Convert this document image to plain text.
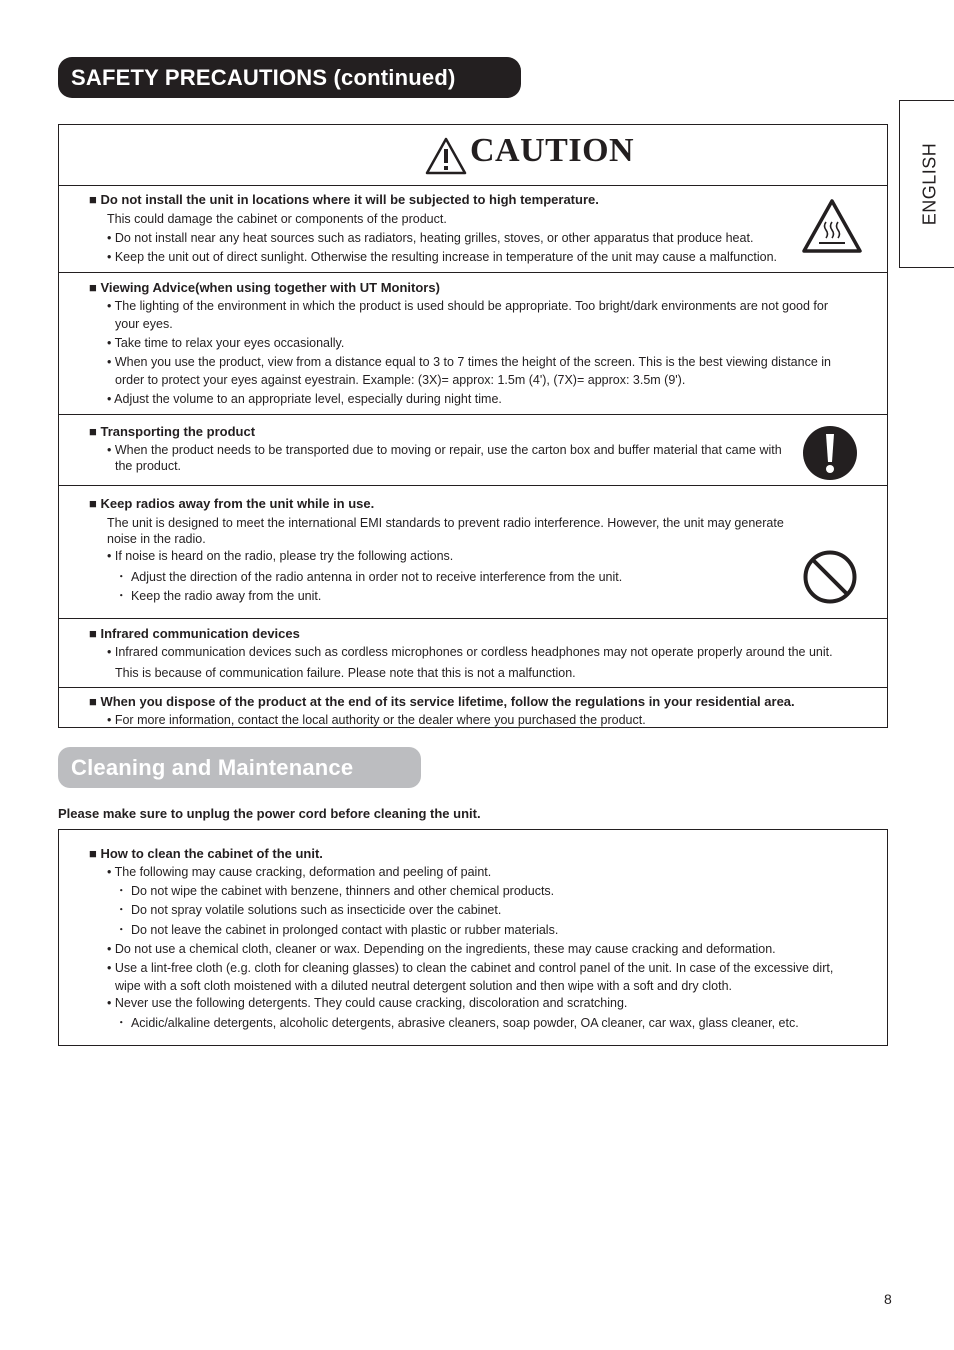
SAFETY PRECAUTIONS (continued)
ENGLISH
CAUTION
■ Do not install the unit in locations where it will be subjected to high temperature.
This could damage the cabinet or components of the product.
• Do not install near any heat sources such as radiators, heating grilles, stoves, or other apparatus that produce heat.
• Keep the unit out of direct sunlight. Otherwise the resulting increase in temperature of the unit may cause a malfunction.
■ Viewing Advice(when using together with UT Monitors)
• The lighting of the environment in which the product is used should be appropriate. Too bright/dark environments are not good for
your eyes.
• Take time to relax your eyes occasionally.
• When you use the product, view from a distance equal to 3 to 7 times the height of the screen. This is the best viewing distance in
order to protect your eyes against eyestrain. Example: (3X)= approx: 1.5m (4'), (7X)= approx: 3.5m (9').
• Adjust the volume to an appropriate level, especially during night time.
■ Transporting the product
• When the product needs to be transported due to moving or repair, use the carton box and buffer material that came with
the product.
■ Keep radios away from the unit while in use.
The unit is designed to meet the international EMI standards to prevent radio interference. However, the unit may generate
noise in the radio.
• If noise is heard on the radio, please try the following actions.
・ Adjust the direction of the radio antenna in order not to receive interference from the unit.
・ Keep the radio away from the unit.
■ Infrared communication devices
• Infrared communication devices such as cordless microphones or cordless headphones may not operate properly around the unit.
This is because of communication failure. Please note that this is not a malfunction.
■ When you dispose of the product at the end of its service lifetime, follow the regulations in your residential area.
• For more information, contact the local authority or the dealer where you purchased the product.
Cleaning and Maintenance
Please make sure to unplug the power cord before cleaning the unit.
■ How to clean the cabinet of the unit.
• The following may cause cracking, deformation and peeling of paint.
・ Do not wipe the cabinet with benzene, thinners and other chemical products.
・ Do not spray volatile solutions such as insecticide over the cabinet.
・ Do not leave the cabinet in prolonged contact with plastic or rubber materials.
• Do not use a chemical cloth, cleaner or wax. Depending on the ingredients, these may cause cracking and deformation.
• Use a lint-free cloth (e.g. cloth for cleaning glasses) to clean the cabinet and control panel of the unit. In case of the excessive dirt,
wipe with a soft cloth moistened with a diluted neutral detergent solution and then wipe with a soft and dry cloth.
• Never use the following detergents. They could cause cracking, discoloration and scratching.
・ Acidic/alkaline detergents, alcoholic detergents, abrasive cleaners, soap powder, OA cleaner, car wax, glass cleaner, etc.
8
